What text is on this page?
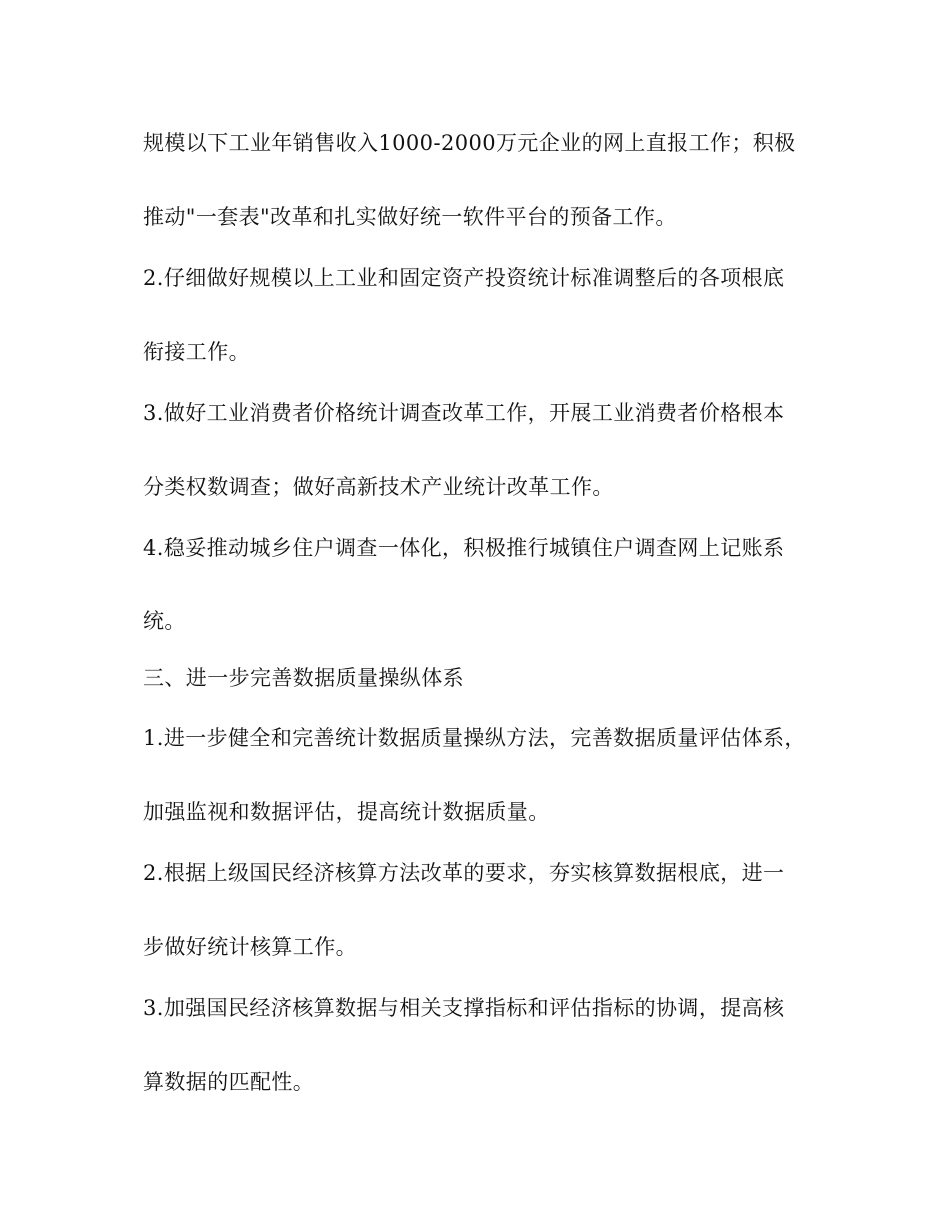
规模以下工业年销售收入1000-2000万元企业的网上直报工作；积极
推动"一套表"改革和扎实做好统一软件平台的预备工作。
2.仔细做好规模以上工业和固定资产投资统计标准调整后的各项根底
衔接工作。
3.做好工业消费者价格统计调查改革工作，开展工业消费者价格根本
分类权数调查；做好高新技术产业统计改革工作。
4.稳妥推动城乡住户调查一体化，积极推行城镇住户调查网上记账系
统。
三、进一步完善数据质量操纵体系
1.进一步健全和完善统计数据质量操纵方法，完善数据质量评估体系，
加强监视和数据评估，提高统计数据质量。
2.根据上级国民经济核算方法改革的要求，夯实核算数据根底，进一
步做好统计核算工作。
3.加强国民经济核算数据与相关支撑指标和评估指标的协调，提高核
算数据的匹配性。
